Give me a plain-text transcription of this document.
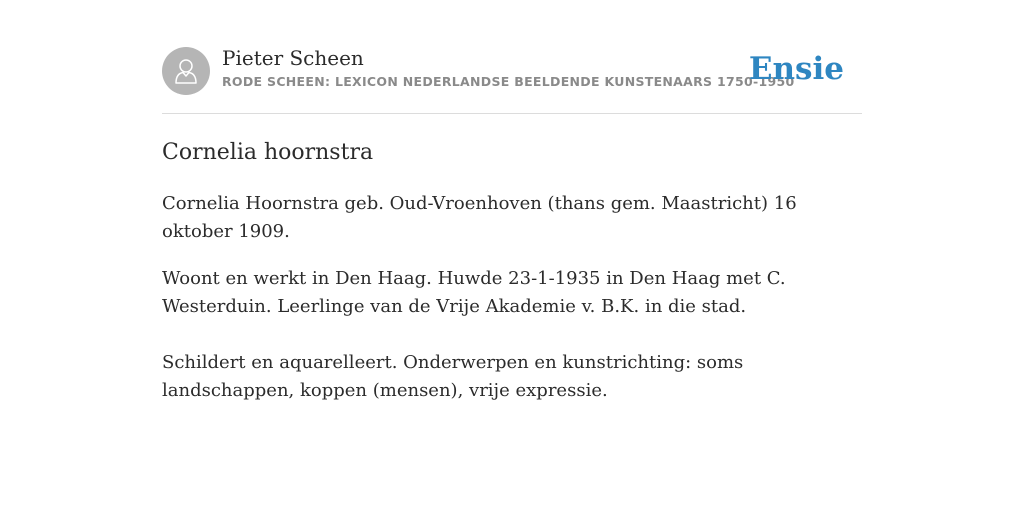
Pieter Scheen
RODE SCHEEN: LEXICON NEDERLANDSE BEELDENDE KUNSTENAARS 1750-1950
Ensie
Cornelia hoornstra

Cornelia Hoornstra geb. Oud-Vroenhoven (thans gem. Maastricht) 16 oktober 1909.

Woont en werkt in Den Haag. Huwde 23-1-1935 in Den Haag met C. Westerduin. Leerlinge van de Vrije Akademie v. B.K. in die stad.

Schildert en aquarelleert. Onderwerpen en kunstrichting: soms landschappen, koppen (mensen), vrije expressie.
